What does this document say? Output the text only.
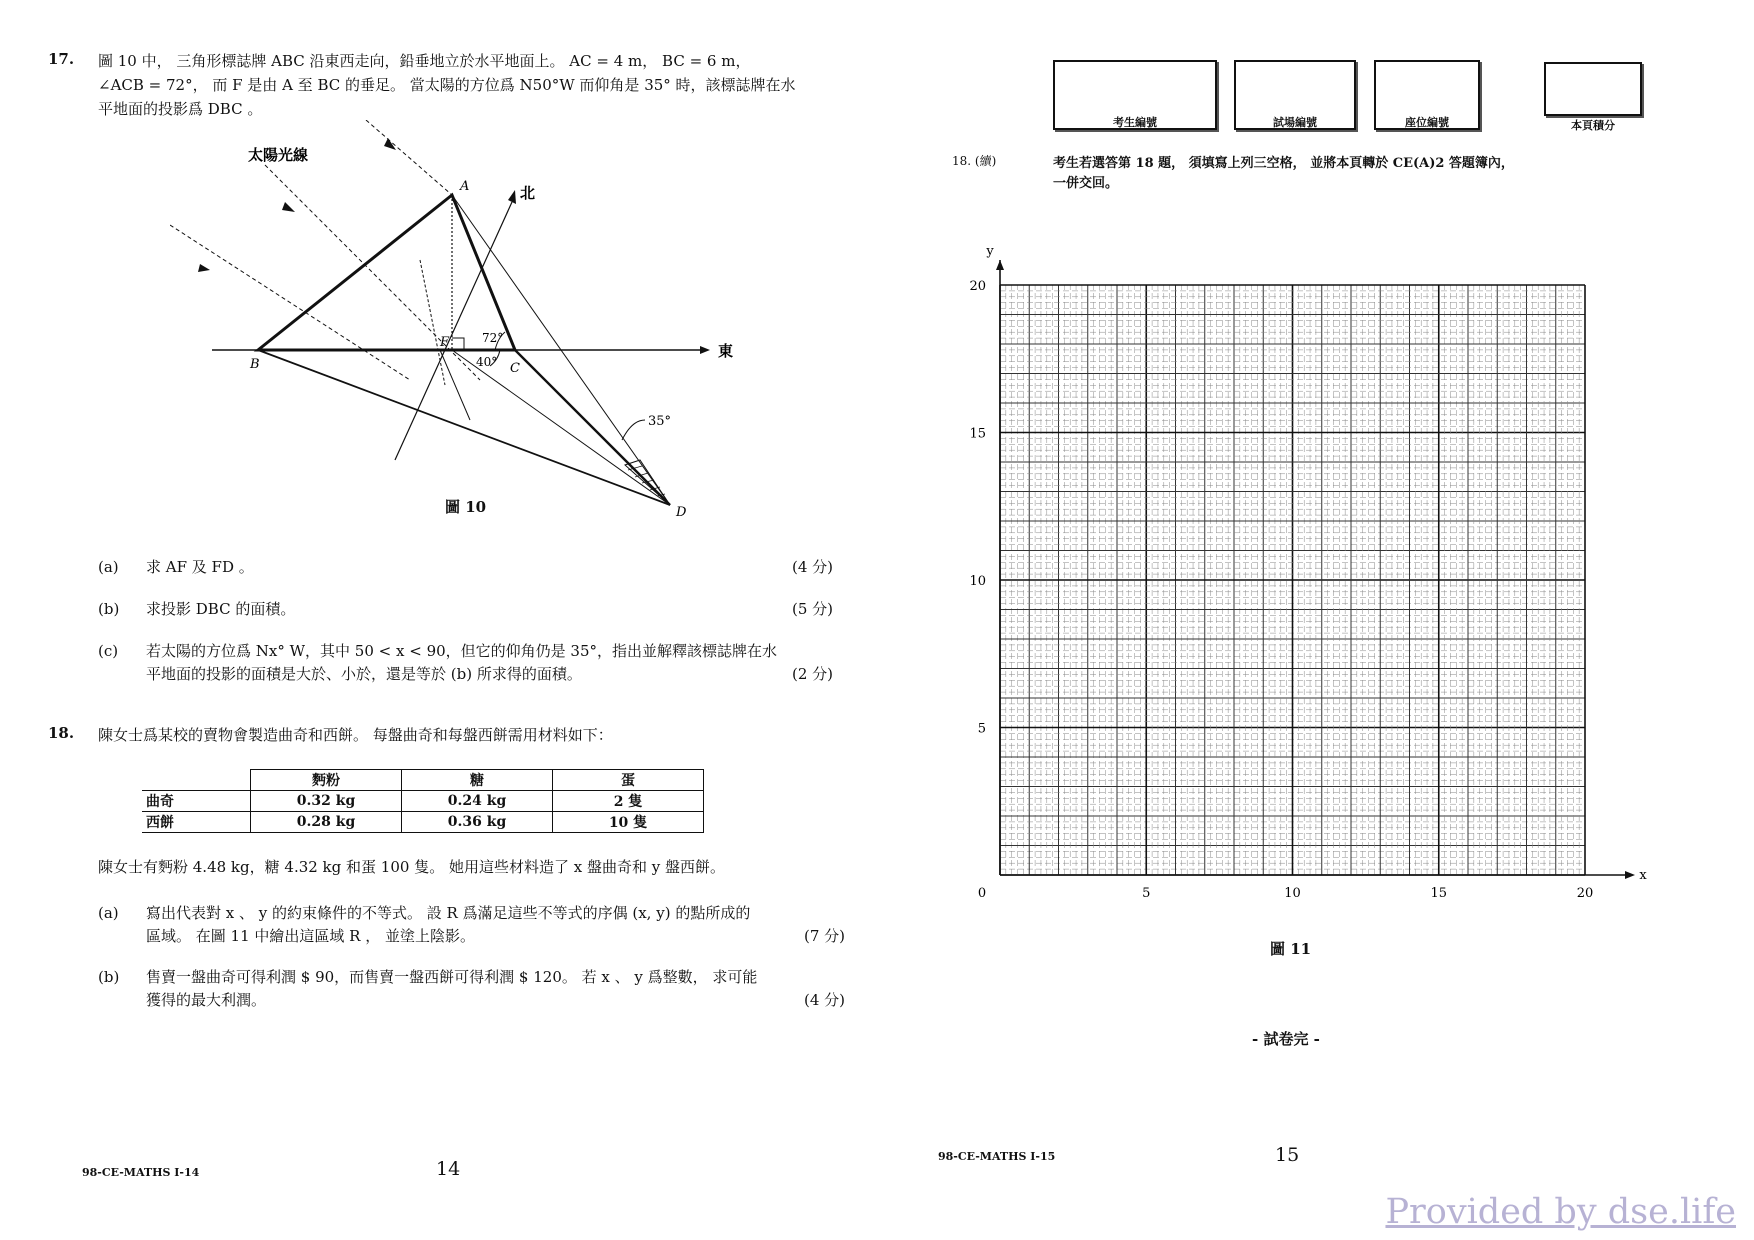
17. 圖 10 中， 三角形標誌牌 ABC 沿東西走向，鉛垂地立於水平地面上。 AC = 4 m， BC = 6 m，
∠ACB = 72°， 而 F 是由 A 至 BC 的垂足。 當太陽的方位爲 N50°W 而仰角是 35° 時，該標誌牌在水
平地面的投影爲 DBC 。
太陽光線
A	北
東
B	C
F
D
72°
40°
35°
圖 10
(a) 求 AF 及 FD 。	(4 分)
(b) 求投影 DBC 的面積。	(5 分)
(c) 若太陽的方位爲 Nx° W，其中 50 < x < 90，但它的仰角仍是 35°，指出並解釋該標誌牌在水
平地面的投影的面積是大於、小於，還是等於 (b) 所求得的面積。	(2 分)
18. 陳女士爲某校的賣物會製造曲奇和西餅。 每盤曲奇和每盤西餅需用材料如下：
	麪粉	糖	蛋
曲奇	0.32 kg	0.24 kg	2 隻
西餅	0.28 kg	0.36 kg	10 隻
陳女士有麪粉 4.48 kg，糖 4.32 kg 和蛋 100 隻。 她用這些材料造了 x 盤曲奇和 y 盤西餅。
(a) 寫出代表對 x 、 y 的約束條件的不等式。 設 R 爲滿足這些不等式的序偶 (x, y) 的點所成的
區域。 在圖 11 中繪出這區域 R ， 並塗上陰影。	(7 分)
(b) 售賣一盤曲奇可得利潤 $ 90，而售賣一盤西餅可得利潤 $ 120。 若 x 、 y 爲整數， 求可能
獲得的最大利潤。	(4 分)
98-CE-MATHS I-14	14
考生編號	試場編號	座位編號	本頁積分
18. (續)	考生若選答第 18 題， 須填寫上列三空格， 並將本頁轉於 CE(A)2 答題簿內，
一併交回。
0	5	10	15	20
5
10
15
20
x
y
圖 11
- 試卷完 -
98-CE-MATHS I-15	15
Provided by dse.life
